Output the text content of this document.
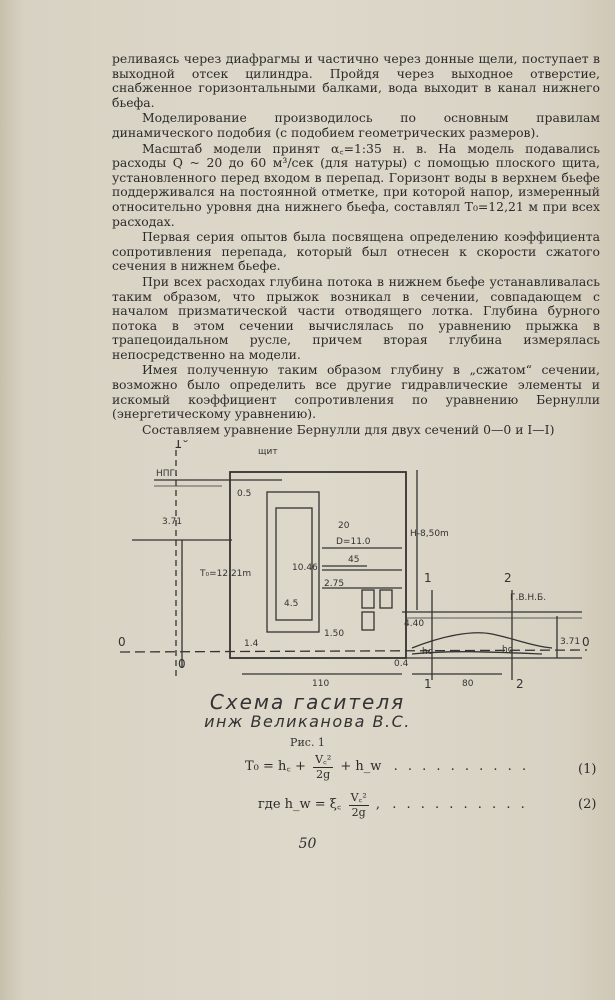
реливаясь через диафрагмы и частично через донные щели, поступает в выходной отсек цилиндра. Пройдя через выходное отверстие, снабженное горизонтальными балками, вода выходит в канал нижнего бьефа.

Моделирование производилось по основным правилам динамического подобия (с подобием геометрических размеров).

Масштаб модели принят α꜀=1:35 н. в. На модель подавались расходы Q ~ 20 до 60 м³/сек (для натуры) с помощью плоского щита, установленного перед входом в перепад. Горизонт воды в верхнем бьефе поддерживался на постоянной отметке, при которой напор, измеренный относительно уровня дна нижнего бьефа, составлял T₀=12,21 м при всех расходах.

Первая серия опытов была посвящена определению коэффициента сопротивления перепада, который был отнесен к скорости сжатого сечения в нижнем бьефе.

При всех расходах глубина потока в нижнем бьефе устанавливалась таким образом, что прыжок возникал в сечении, совпадающем с началом призматической части отводящего лотка. Глубина бурного потока в этом сечении вычислялась по уравнению прыжка в трапецоидальном русле, причем вторая глубина измерялась непосредственно на модели.

Имея полученную таким образом глубину в „сжатом“ сечении, возможно было определить все другие гидравлические элементы и искомый коэффициент сопротивления по уравнению Бернулли (энергетическому уравнению).

Составляем уравнение Бернулли для двух сечений 0—0 и I—I)

щит
НПГ.
1°
T₀=12.21m
20
D=11.0
45
4.5
10.46
3.71
0.5
2.75
1.50
1.4
0.4
4.40
Г.В.Н.Б.
H-8,50m
3.71
hc	hc
110	80
1	2
1	2
0	0
0
Схема гасителя
инж Великанова В.С.
Рис. 1
T₀ = h꜀ + $\frac{\text{V꜀²}}{2g}$ + h_w . . . . . . . . . .	(1)
где h_w = ξ꜀ $\frac{\text{V꜀²}}{2g}$ , . . . . . . . . . .	(2)
50
